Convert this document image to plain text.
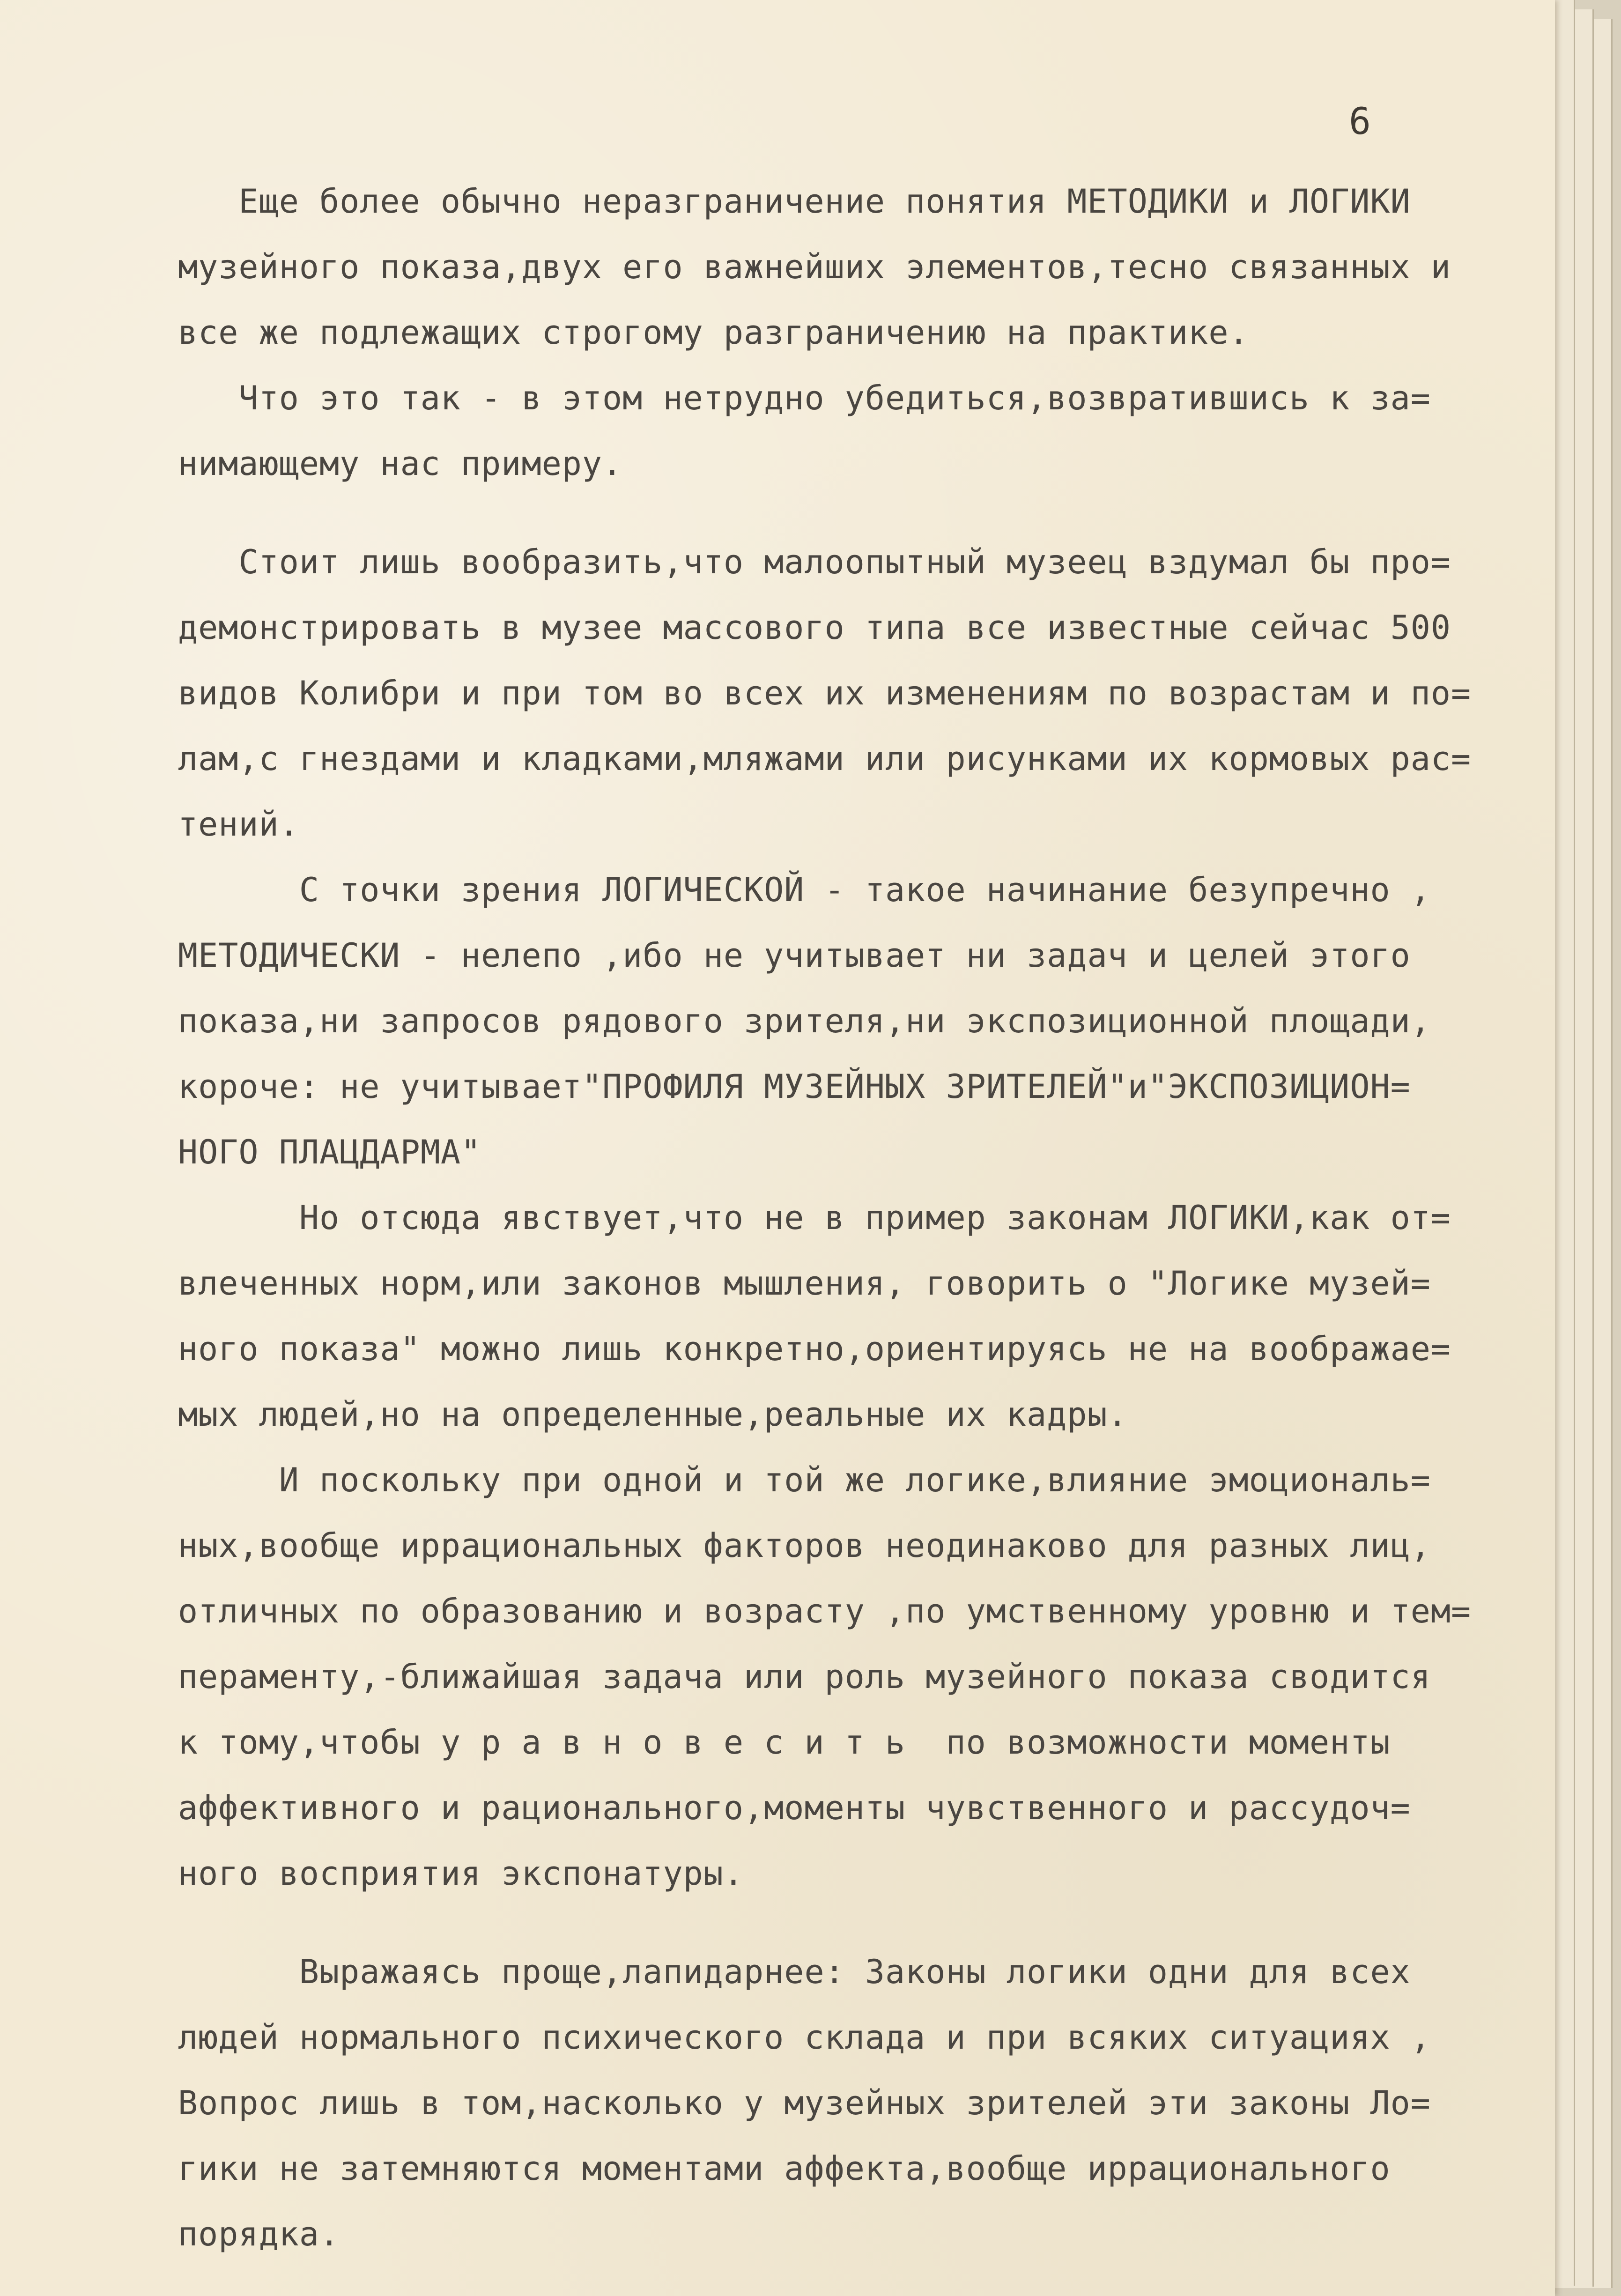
6
Еще более обычно неразграничение понятия МЕТОДИКИ и ЛОГИКИ
музейного показа,двух его важнейших элементов,тесно связанных и
все же подлежащих строгому разграничению на практике.
Что это так - в этом нетрудно убедиться,возвратившись к за=
нимающему нас примеру.
Стоит лишь вообразить,что малоопытный музеец вздумал бы про=
демонстрировать в музее массового типа все известные сейчас 500
видов Колибри и при том во всех их изменениям по возрастам и по=
лам,с гнездами и кладками,мляжами или рисунками их кормовых рас=
тений.
С точки зрения ЛОГИЧЕСКОЙ - такое начинание безупречно ,
МЕТОДИЧЕСКИ - нелепо ,ибо не учитывает ни задач и целей этого
показа,ни запросов рядового зрителя,ни экспозиционной площади,
короче: не учитывает"ПРОФИЛЯ МУЗЕЙНЫХ ЗРИТЕЛЕЙ"и"ЭКСПОЗИЦИОН=
НОГО ПЛАЦДАРМА"
Но отсюда явствует,что не в пример законам ЛОГИКИ,как от=
влеченных норм,или законов мышления, говорить о "Логике музей=
ного показа" можно лишь конкретно,ориентируясь не на воображае=
мых людей,но на определенные,реальные их кадры.
И поскольку при одной и той же логике,влияние эмоциональ=
ных,вообще иррациональных факторов неодинаково для разных лиц,
отличных по образованию и возрасту ,по умственному уровню и тем=
пераменту,-ближайшая задача или роль музейного показа сводится
к тому,чтобы у р а в н о в е с и т ь  по возможности моменты
аффективного и рационального,моменты чувственного и рассудоч=
ного восприятия экспонатуры.
Выражаясь проще,лапидарнее: Законы логики одни для всех
людей нормального психического склада и при всяких ситуациях ,
Вопрос лишь в том,насколько у музейных зрителей эти законы Ло=
гики не затемняются моментами аффекта,вообще иррационального
порядка.
